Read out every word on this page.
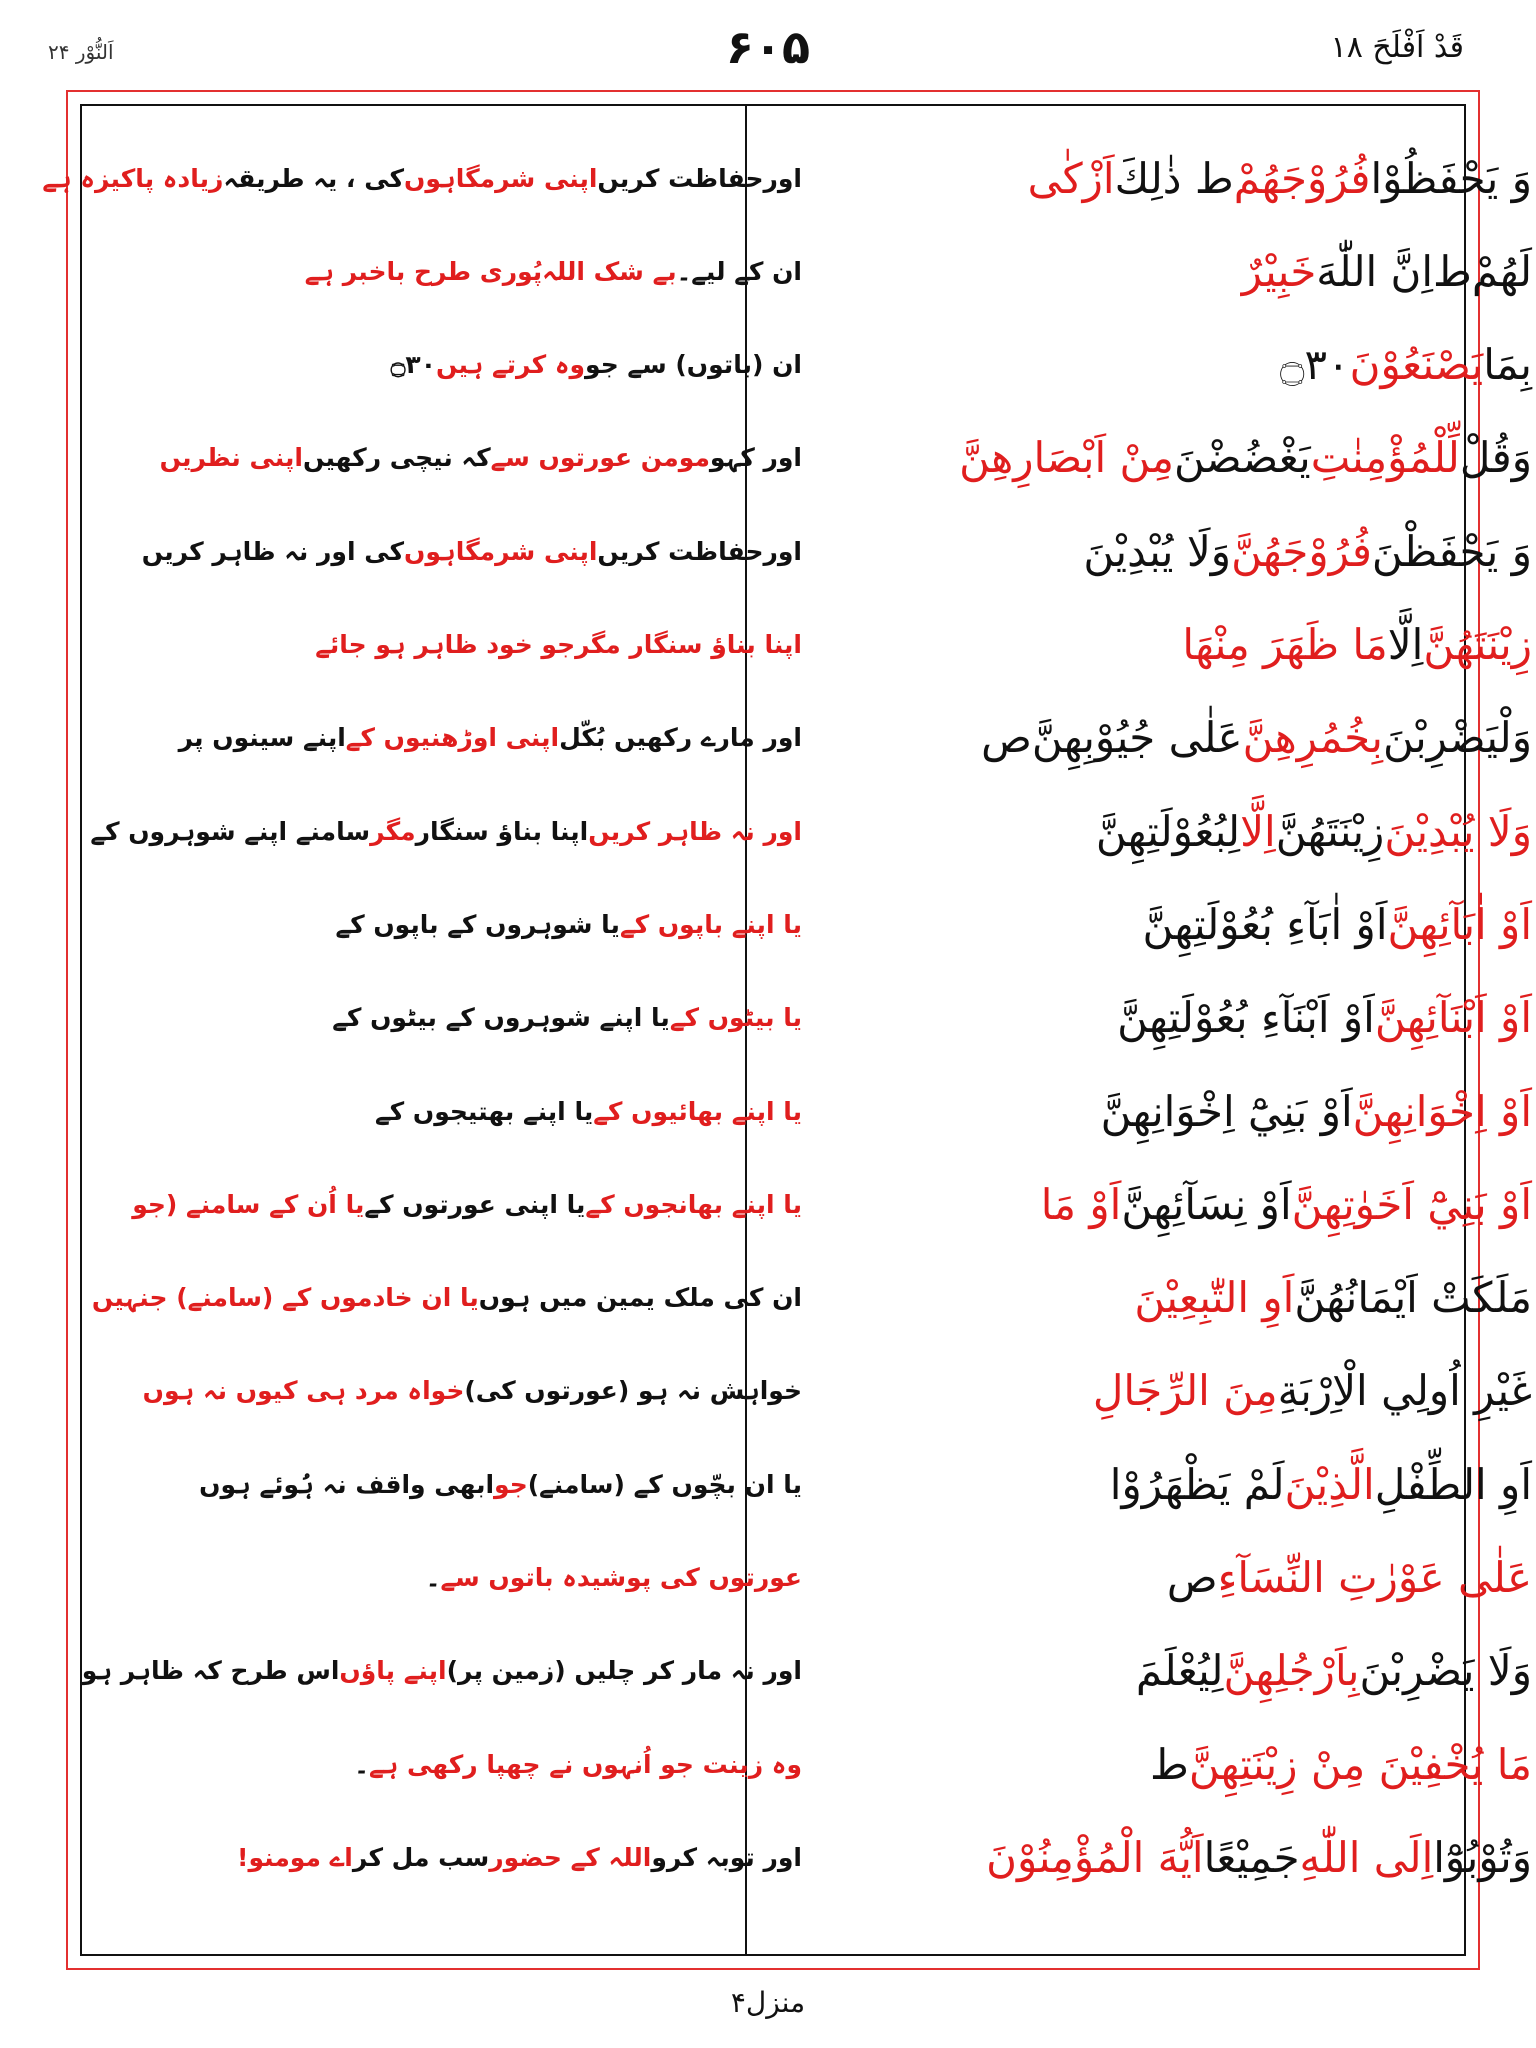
اَلنُّوْر ۲۴	۶۰۵	قَدْ اَفْلَحَ ۱۸
وَ يَحْفَظُوْا
فُرُوْجَهُمْ
ط ذٰلِكَ
اَزْكٰى
اورحفاظت کریں
اپنی شرمگاہوں
کی ، یہ طریقہ
زیادہ پاکیزہ ہے
لَهُمْ
ط
اِنَّ اللّٰهَ
خَبِيْرٌ
ان کے لیے۔
بے شک اللہ
پُوری طرح باخبر ہے
بِمَا
يَصْنَعُوْنَ
۝۳۰
ان (باتوں) سے جو
وہ کرتے ہیں
۝۳۰
وَقُلْ
لِّلْمُؤْمِنٰتِ
يَغْضُضْنَ
مِنْ اَبْصَارِهِنَّ
اور کہو
مومن عورتوں سے
کہ نیچی رکھیں
اپنی نظریں
وَ يَحْفَظْنَ
فُرُوْجَهُنَّ
وَلَا يُبْدِيْنَ
اورحفاظت کریں
اپنی شرمگاہوں
کی اور نہ ظاہر کریں
زِيْنَتَهُنَّ
اِلَّا
مَا ظَهَرَ مِنْهَا
اپنا بناؤ سنگار مگر
جو خود ظاہر ہو جائے
وَلْيَضْرِبْنَ
بِخُمُرِهِنَّ
عَلٰى جُيُوْبِهِنَّ
ص
اور مارے رکھیں بُکّل
اپنی اوڑھنیوں کے
اپنے سینوں پر
وَلَا يُبْدِيْنَ
زِيْنَتَهُنَّ
اِلَّا
لِبُعُوْلَتِهِنَّ
اور نہ ظاہر کریں
اپنا بناؤ سنگار
مگر
سامنے اپنے شوہروں کے
اَوْ اٰبَآئِهِنَّ
اَوْ اٰبَآءِ بُعُوْلَتِهِنَّ
یا اپنے باپوں کے
یا شوہروں کے باپوں کے
اَوْ اَبْنَآئِهِنَّ
اَوْ اَبْنَآءِ بُعُوْلَتِهِنَّ
یا بیٹوں کے
یا اپنے شوہروں کے بیٹوں کے
اَوْ اِخْوَانِهِنَّ
اَوْ بَنِيْٓ اِخْوَانِهِنَّ
یا اپنے بھائیوں کے
یا اپنے بھتیجوں کے
اَوْ بَنِيْٓ اَخَوٰتِهِنَّ
اَوْ نِسَآئِهِنَّ
اَوْ مَا
یا اپنے بھانجوں کے
یا اپنی عورتوں کے
یا اُن کے سامنے (جو
مَلَكَتْ اَيْمَانُهُنَّ
اَوِ التّٰبِعِيْنَ
ان کی ملک یمین میں ہوں
یا ان خادموں کے (سامنے) جنہیں
غَيْرِ اُولِي الْاِرْبَةِ
مِنَ الرِّجَالِ
خواہش نہ ہو (عورتوں کی)
خواہ مرد ہی کیوں نہ ہوں
اَوِ الطِّفْلِ
الَّذِيْنَ
لَمْ يَظْهَرُوْا
یا ان بچّوں کے (سامنے)
جو
ابھی واقف نہ ہُوئے ہوں
عَلٰى عَوْرٰتِ النِّسَآءِ
ص
عورتوں کی پوشیدہ باتوں سے
۔
وَلَا يَضْرِبْنَ
بِاَرْجُلِهِنَّ
لِيُعْلَمَ
اور نہ مار کر چلیں (زمین پر)
اپنے پاؤں
اس طرح کہ ظاہر ہو
مَا يُخْفِيْنَ مِنْ زِيْنَتِهِنَّ
ط
وہ زینت جو اُنہوں نے چھپا رکھی ہے
۔
وَتُوْبُوْٓا
اِلَى اللّٰهِ
جَمِيْعًا
اَيُّهَ الْمُؤْمِنُوْنَ
اور توبہ کرو
اللہ کے حضور
سب مل کر
اے مومنو!
منزل۴
